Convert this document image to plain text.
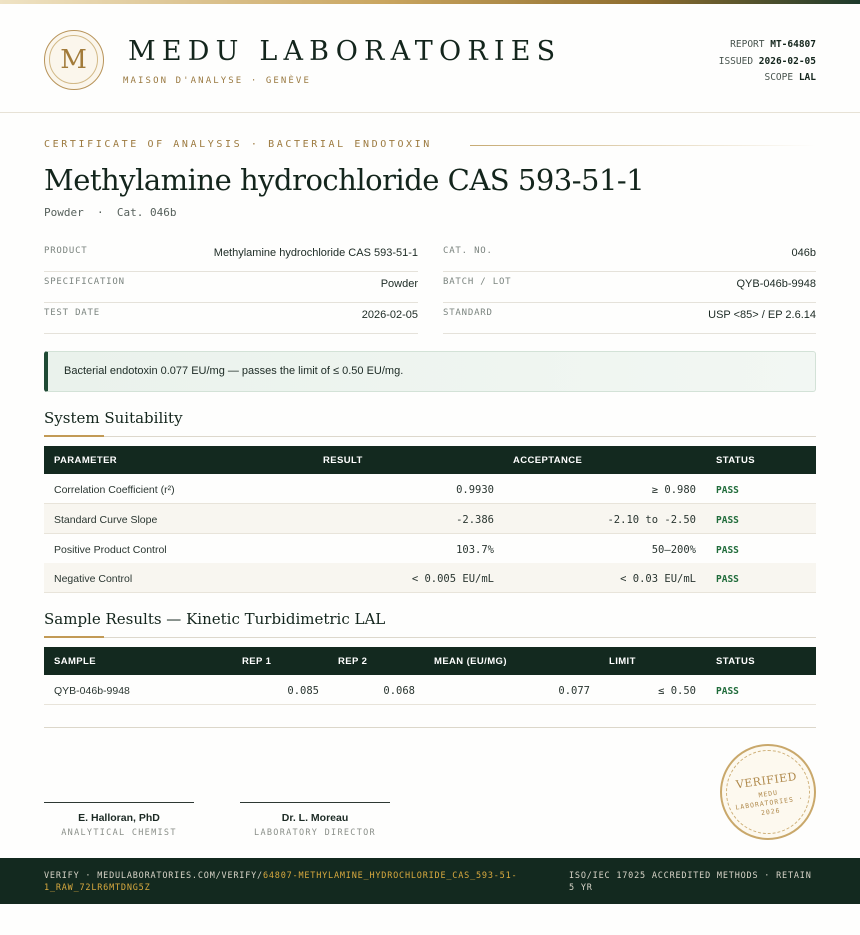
M	MEDU LABORATORIES
MAISON D'ANALYSE · GENÈVE
REPORT MT-64807
ISSUED 2026-02-05
SCOPE LAL
CERTIFICATE OF ANALYSIS · BACTERIAL ENDOTOXIN
Methylamine hydrochloride CAS 593-51-1
Powder  ·  Cat. 046b
PRODUCT	Methylamine hydrochloride CAS 593-51-1
SPECIFICATION	Powder
TEST DATE	2026-02-05
CAT. NO.	046b
BATCH / LOT	QYB-046b-9948
STANDARD	USP <85> / EP 2.6.14
Bacterial endotoxin 0.077 EU/mg — passes the limit of ≤ 0.50 EU/mg.
System Suitability
PARAMETER	RESULT	ACCEPTANCE	STATUS
Correlation Coefficient (r²)	0.9930	≥ 0.980 PASS
Standard Curve Slope	-2.386	-2.10 to -2.50 PASS
Positive Product Control	103.7%	50–200% PASS
Negative Control	< 0.005 EU/mL	< 0.03 EU/mL PASS
Sample Results — Kinetic Turbidimetric LAL
SAMPLE	REP 1	REP 2	MEAN (EU/MG)	LIMIT	STATUS
QYB-046b-9948	0.085	0.068	0.077	≤ 0.50 PASS
E. Halloran, PhD
ANALYTICAL CHEMIST
Dr. L. Moreau
LABORATORY DIRECTOR
VERIFIED
MEDU LABORATORIES · 2026
VERIFY · MEDULABORATORIES.COM/VERIFY/64807-METHYLAMINE_HYDROCHLORIDE_CAS_593-51-1_RAW_72LR6MTDNG5Z
ISO/IEC 17025 ACCREDITED METHODS · RETAIN 5 YR
